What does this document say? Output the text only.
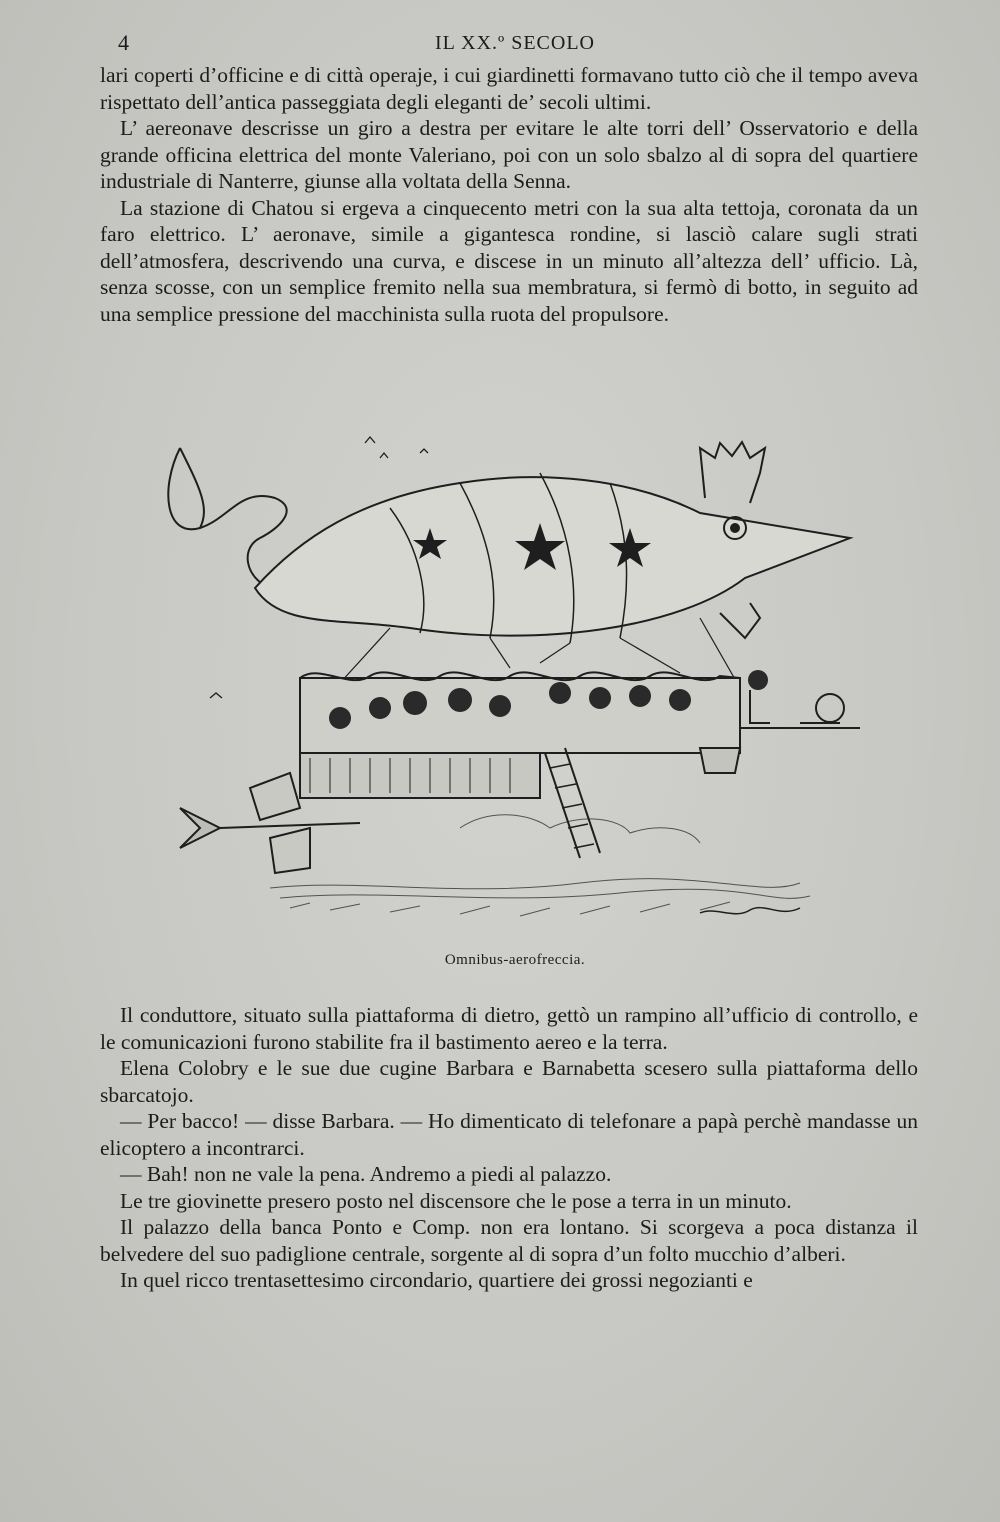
4	IL XX.º SECOLO

lari coperti d’officine e di città operaje, i cui giardinetti formavano tutto ciò che il tempo aveva rispettato dell’antica passeggiata degli eleganti de’ secoli ultimi.

L’ aereonave descrisse un giro a destra per evitare le alte torri dell’ Osservatorio e della grande officina elettrica del monte Valeriano, poi con un solo sbalzo al di sopra del quartiere industriale di Nanterre, giunse alla voltata della Senna.

La stazione di Chatou si ergeva a cinquecento metri con la sua alta tettoja, coronata da un faro elettrico. L’ aeronave, simile a gigantesca rondine, si lasciò calare sugli strati dell’atmosfera, descrivendo una curva, e discese in un minuto all’altezza dell’ ufficio. Là, senza scosse, con un semplice fremito nella sua membratura, si fermò di botto, in seguito ad una semplice pressione del macchinista sulla ruota del propulsore.

Omnibus-aerofreccia.

Il conduttore, situato sulla piattaforma di dietro, gettò un rampino all’ufficio di controllo, e le comunicazioni furono stabilite fra il bastimento aereo e la terra.

Elena Colobry e le sue due cugine Barbara e Barnabetta scesero sulla piattaforma dello sbarcatojo.

— Per bacco! — disse Barbara. — Ho dimenticato di telefonare a papà perchè mandasse un elicoptero a incontrarci.

— Bah! non ne vale la pena. Andremo a piedi al palazzo.

Le tre giovinette presero posto nel discensore che le pose a terra in un minuto.

Il palazzo della banca Ponto e Comp. non era lontano. Si scorgeva a poca distanza il belvedere del suo padiglione centrale, sorgente al di sopra d’un folto mucchio d’alberi.

In quel ricco trentasettesimo circondario, quartiere dei grossi negozianti e
